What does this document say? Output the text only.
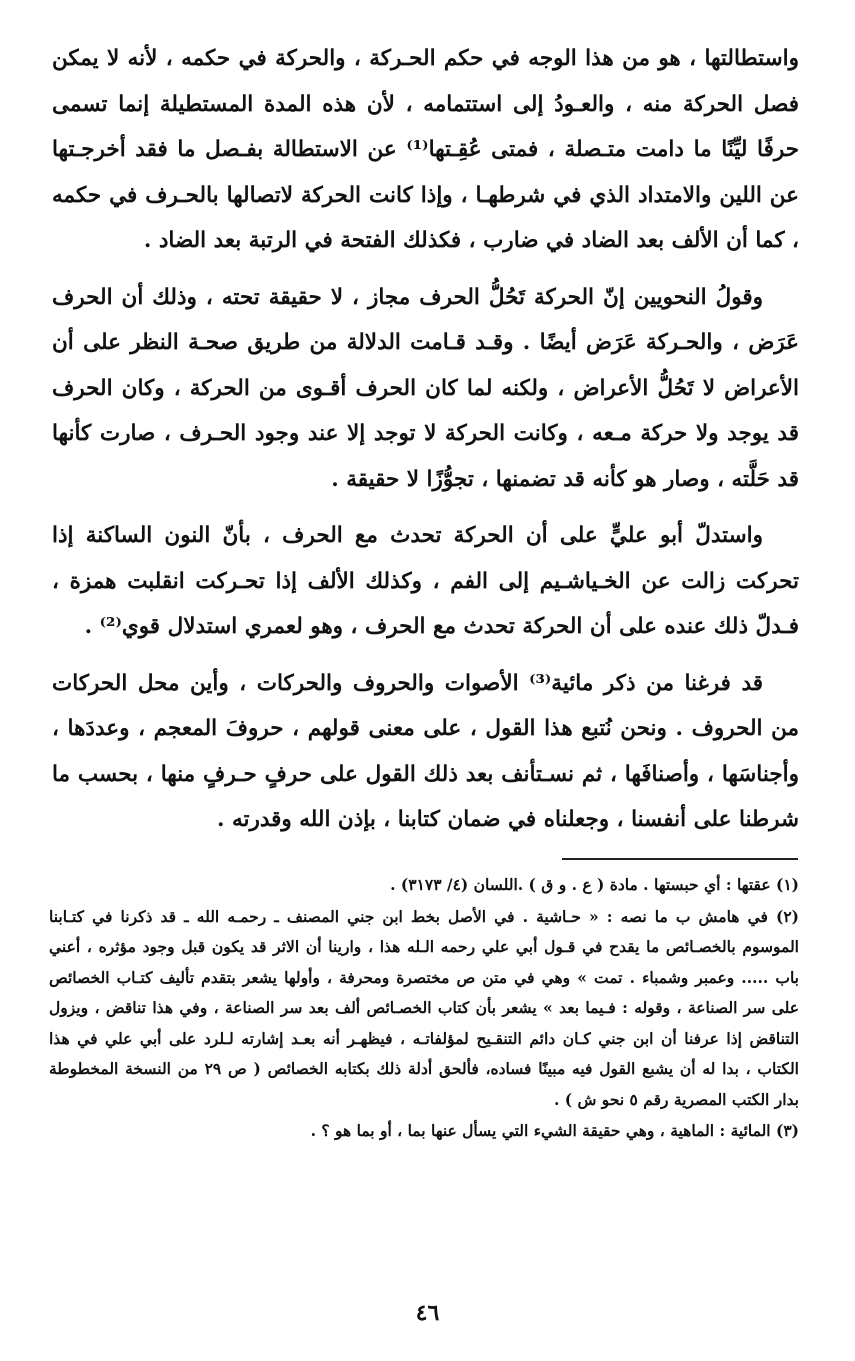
واستطالتها ، هو من هذا الوجه في حكم الحـركة ، والحركة في حكمه ، لأنه لا يمكن فصل الحركة منه ، والعـودُ إلى استتمامه ، لأن هذه المدة المستطيلة إنما تسمى حرفًا ليِّنًا ما دامت متـصلة ، فمتى عُقِـتها⁽¹⁾ عن الاستطالة بفـصل ما فقد أخرجـتها عن اللين والامتداد الذي في شرطهـا ، وإذا كانت الحركة لاتصالها بالحـرف في حكمه ، كما أن الألف بعد الضاد في ضارب ، فكذلك الفتحة في الرتبة بعد الضاد .

وقولُ النحويين إنّ الحركة تَحُلُّ الحرف مجاز ، لا حقيقة تحته ، وذلك أن الحرف عَرَض ، والحـركة عَرَض أيضًا . وقـد قـامت الدلالة من طريق صحـة النظر على أن الأعراض لا تَحُلُّ الأعراض ، ولكنه لما كان الحرف أقـوى من الحركة ، وكان الحرف قد يوجد ولا حركة مـعه ، وكانت الحركة لا توجد إلا عند وجود الحـرف ، صارت كأنها قد حَلَّته ، وصار هو كأنه قد تضمنها ، تجوُّزًا لا حقيقة .

واستدلّ أبو عليٍّ على أن الحركة تحدث مع الحرف ، بأنّ النون الساكنة إذا تحركت زالت عن الخـياشـيم إلى الفم ، وكذلك الألف إذا تحـركت انقلبت همزة ، فـدلّ ذلك عنده على أن الحركة تحدث مع الحرف ، وهو لعمري استدلال قوي⁽²⁾ .

قد فرغنا من ذكر مائية⁽³⁾ الأصوات والحروف والحركات ، وأين محل الحركات من الحروف . ونحن نُتبع هذا القول ، على معنى قولهم ، حروفَ المعجم ، وعددَها ، وأجناسَها ، وأصنافَها ، ثم نسـتأنف بعد ذلك القول على حرفٍ حـرفٍ منها ، بحسب ما شرطنا على أنفسنا ، وجعلناه في ضمان كتابنا ، بإذن الله وقدرته .

(١) عقتها : أي حبستها . مادة ( ع . و ق ) .اللسان (٤/ ٣١٧٣) .
(٢) في هامش ب ما نصه : « حـاشية . في الأصل بخط ابن جني المصنف ـ رحمـه الله ـ قد ذكرنا في كتـابنا الموسوم بالخصـائص ما يقدح في قـول أبي علي رحمه الـله هذا ، وارينا أن الاثر قد يكون قبل وجود مؤثره ، أعني باب ..... وعمبر وشمباء . تمت » وهي في متن ص مختصرة ومحرفة ، وأولها يشعر بتقدم تأليف كتـاب الخصائص على سر الصناعة ، وقوله : فـيما بعد » يشعر بأن كتاب الخصـائص ألف بعد سر الصناعة ، وفي هذا تناقض ، ويزول التناقض إذا عرفنا أن ابن جني كـان دائم التنقـيح لمؤلفاتـه ، فيظهـر أنه بعـد إشارته لـلرد على أبي علي في هذا الكتاب ، بدا له أن يشبع القول فيه مبينًا فساده، فألحق أدلة ذلك بكتابه الخصائص ( ص ٢٩ من النسخة المخطوطة بدار الكتب المصرية رقم ٥ نحو ش ) .
(٣) المائية : الماهية ، وهي حقيقة الشيء التي يسأل عنها بما ، أو بما هو ؟ .
٤٦
